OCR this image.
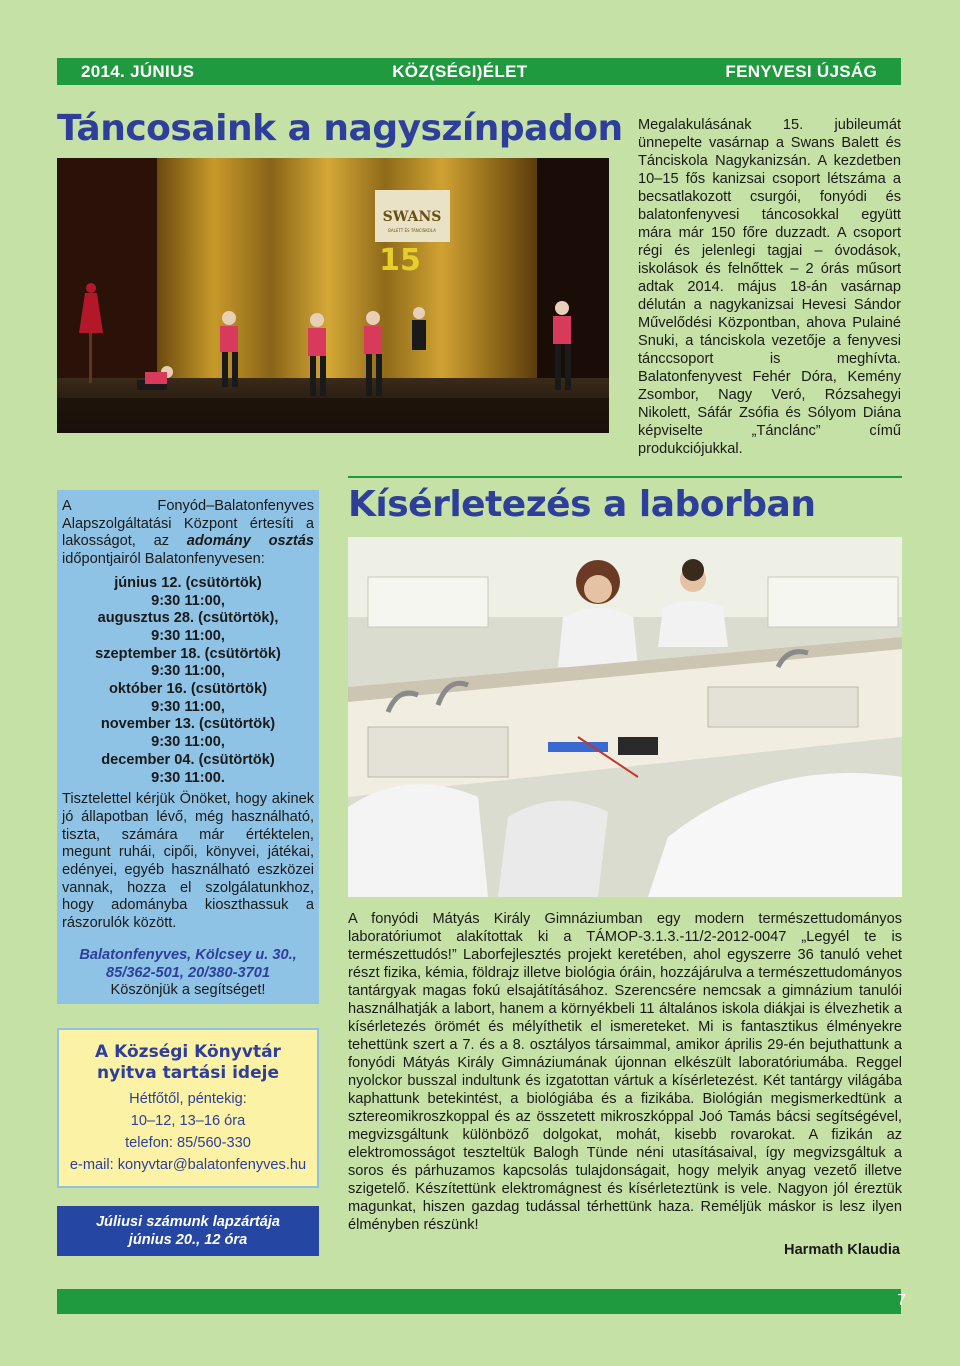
2014. JÚNIUS	KÖZ(SÉGI)ÉLET	FENYVESI ÚJSÁG
Táncosaink a nagyszínpadon
SWANS
BALETT ÉS TÁNCISKOLA
15

Megalakulásának 15. jubileumát ünnepelte vasárnap a Swans Balett és Tánciskola Nagykanizsán. A kezdetben 10–15 fős kanizsai csoport létszáma a becsatlakozott csurgói, fonyódi és balatonfenyvesi táncosokkal együtt mára már 150 főre duzzadt. A csoport régi és jelenlegi tagjai – óvodások, iskolások és felnőttek – 2 órás műsort adtak 2014. május 18-án vasárnap délután a nagykanizsai Hevesi Sándor Művelődési Központban, ahova Pulainé Snuki, a tánciskola vezetője a fenyvesi tánccsoport is meghívta. Balatonfenyvest Fehér Dóra, Kemény Zsombor, Nagy Veró, Rózsahegyi Nikolett, Sáfár Zsófia és Sólyom Diána képviselte „Tánclánc” című produkciójukkal.

Kísérletezés a laborban

A Fonyód–Balatonfenyves Alapszolgáltatási Központ értesíti a lakosságot, az adomány osztás időpontjairól Balatonfenyvesen:

június 12. (csütörtök)
9:30 11:00,
augusztus 28. (csütörtök),
9:30 11:00,
szeptember 18. (csütörtök)
9:30 11:00,
október 16. (csütörtök)
9:30 11:00,
november 13. (csütörtök)
9:30 11:00,
december 04. (csütörtök)
9:30 11:00.

Tisztelettel kérjük Önöket, hogy akinek jó állapotban lévő, még használható, tiszta, számára már értéktelen, megunt ruhái, cipői, könyvei, játékai, edényei, egyéb használható eszközei vannak, hozza el szolgálatunkhoz, hogy adományba kioszthassuk a rászorulók között.

Balatonfenyves, Kölcsey u. 30.,
85/362-501, 20/380-3701
Köszönjük a segítséget!
A Községi Könyvtár
nyitva tartási ideje
Hétfőtől, péntekig:
10–12, 13–16 óra
telefon: 85/560-330
e-mail: konyvtar@balatonfenyves.hu
Júliusi számunk lapzártája
június 20., 12 óra

A fonyódi Mátyás Király Gimnáziumban egy modern természettudományos laboratóriumot alakítottak ki a TÁMOP-3.1.3.-11/2-2012-0047 „Legyél te is természettudós!” Laborfejlesztés projekt keretében, ahol egyszerre 36 tanuló vehet részt fizika, kémia, földrajz illetve biológia óráin, hozzájárulva a természettudományos tantárgyak magas fokú elsajátításához. Szerencsére nemcsak a gimnázium tanulói használhatják a labort, hanem a környékbeli 11 általános iskola diákjai is élvezhetik a kísérletezés örömét és mélyíthetik el ismereteket. Mi is fantasztikus élményekre tehettünk szert a 7. és a 8. osztályos társaimmal, amikor április 29-én bejuthattunk a fonyódi Mátyás Király Gimnáziumának újonnan elkészült laboratóriumába. Reggel nyolckor busszal indultunk és izgatottan vártuk a kísérletezést. Két tantárgy világába kaphattunk betekintést, a biológiába és a fizikába. Biológián megismerkedtünk a sztereomikroszkoppal és az összetett mikroszkóppal Joó Tamás bácsi segítségével, megvizsgáltunk különböző dolgokat, mohát, kisebb rovarokat. A fizikán az elektromosságot teszteltük Balogh Tünde néni utasításaival, így megvizsgáltuk a soros és párhuzamos kapcsolás tulajdonságait, hogy melyik anyag vezető illetve szigetelő. Készítettünk elektromágnest és kísérleteztünk is vele. Nagyon jól éreztük magunkat, hiszen gazdag tudással térhettünk haza. Reméljük máskor is lesz ilyen élményben részünk!

Harmath Klaudia
7
